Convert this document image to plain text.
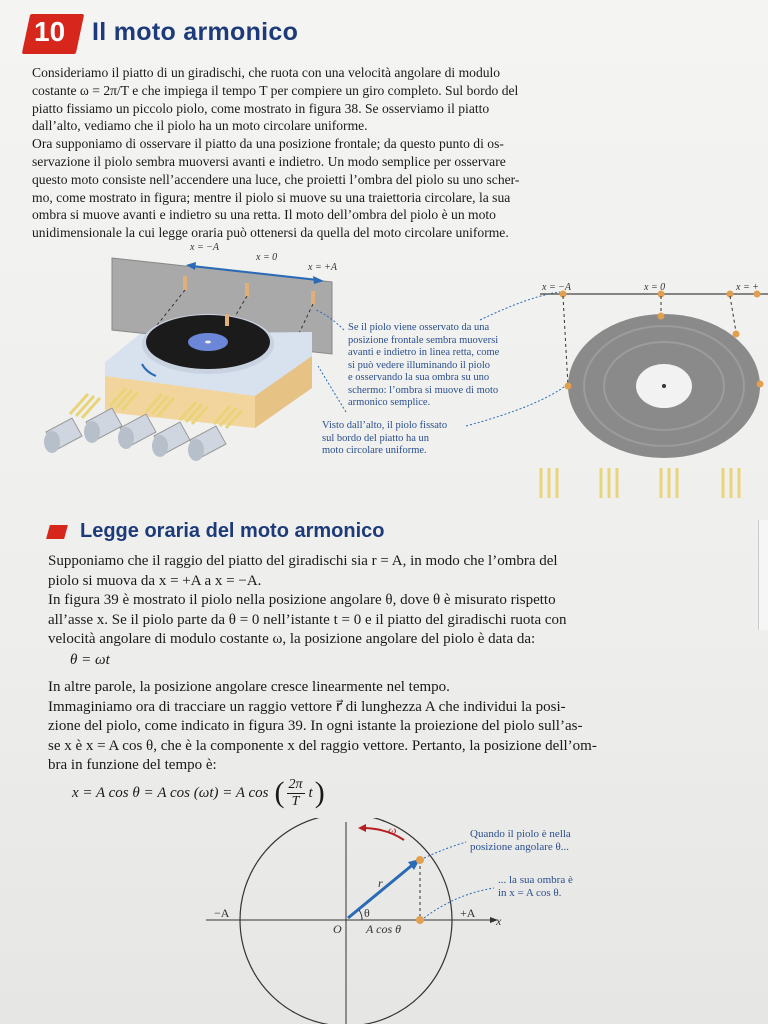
10 Il moto armonico
Consideriamo il piatto di un giradischi, che ruota con una velocità angolare di modulo
costante ω = 2π/T e che impiega il tempo T per compiere un giro completo. Sul bordo del
piatto fissiamo un piccolo piolo, come mostrato in figura 38. Se osserviamo il piatto
dall’alto, vediamo che il piolo ha un moto circolare uniforme.
Ora supponiamo di osservare il piatto da una posizione frontale; da questo punto di os-
servazione il piolo sembra muoversi avanti e indietro. Un modo semplice per osservare
questo moto consiste nell’accendere una luce, che proietti l’ombra del piolo su uno scher-
mo, come mostrato in figura; mentre il piolo si muove su una traiettoria circolare, la sua
ombra si muove avanti e indietro su una retta. Il moto dell’ombra del piolo è un moto
unidimensionale la cui legge oraria può ottenersi da quella del moto circolare uniforme.
x = −A
x = 0
x = +A
x = −A	x = 0	x = +
Se il piolo viene osservato da una
posizione frontale sembra muoversi
avanti e indietro in linea retta, come
si può vedere illuminando il piolo
e osservando la sua ombra su uno
schermo: l’ombra si muove di moto
armonico semplice.
Visto dall’alto, il piolo fissato
sul bordo del piatto ha un
moto circolare uniforme.
Legge oraria del moto armonico
Supponiamo che il raggio del piatto del giradischi sia r = A, in modo che l’ombra del
piolo si muova da x = +A a x = −A.
In figura 39 è mostrato il piolo nella posizione angolare θ, dove θ è misurato rispetto
all’asse x. Se il piolo parte da θ = 0 nell’istante t = 0 e il piatto del giradischi ruota con
velocità angolare di modulo costante ω, la posizione angolare del piolo è data da:
θ = ωt
In altre parole, la posizione angolare cresce linearmente nel tempo.
Immaginiamo ora di tracciare un raggio vettore r⃗ di lunghezza A che individui la posi-
zione del piolo, come indicato in figura 39. In ogni istante la proiezione del piolo sull’as-
se x è x = A cos θ, che è la componente x del raggio vettore. Pertanto, la posizione dell’om-
bra in funzione del tempo è:
x = A cos θ = A cos (ωt) = A cos ( $\frac{2\pi}{T}$ t )
ω
−A	+A
x
O
θ
r⃗
A cos θ
Quando il piolo è nella
posizione angolare θ...
... la sua ombra è
in x = A cos θ.
